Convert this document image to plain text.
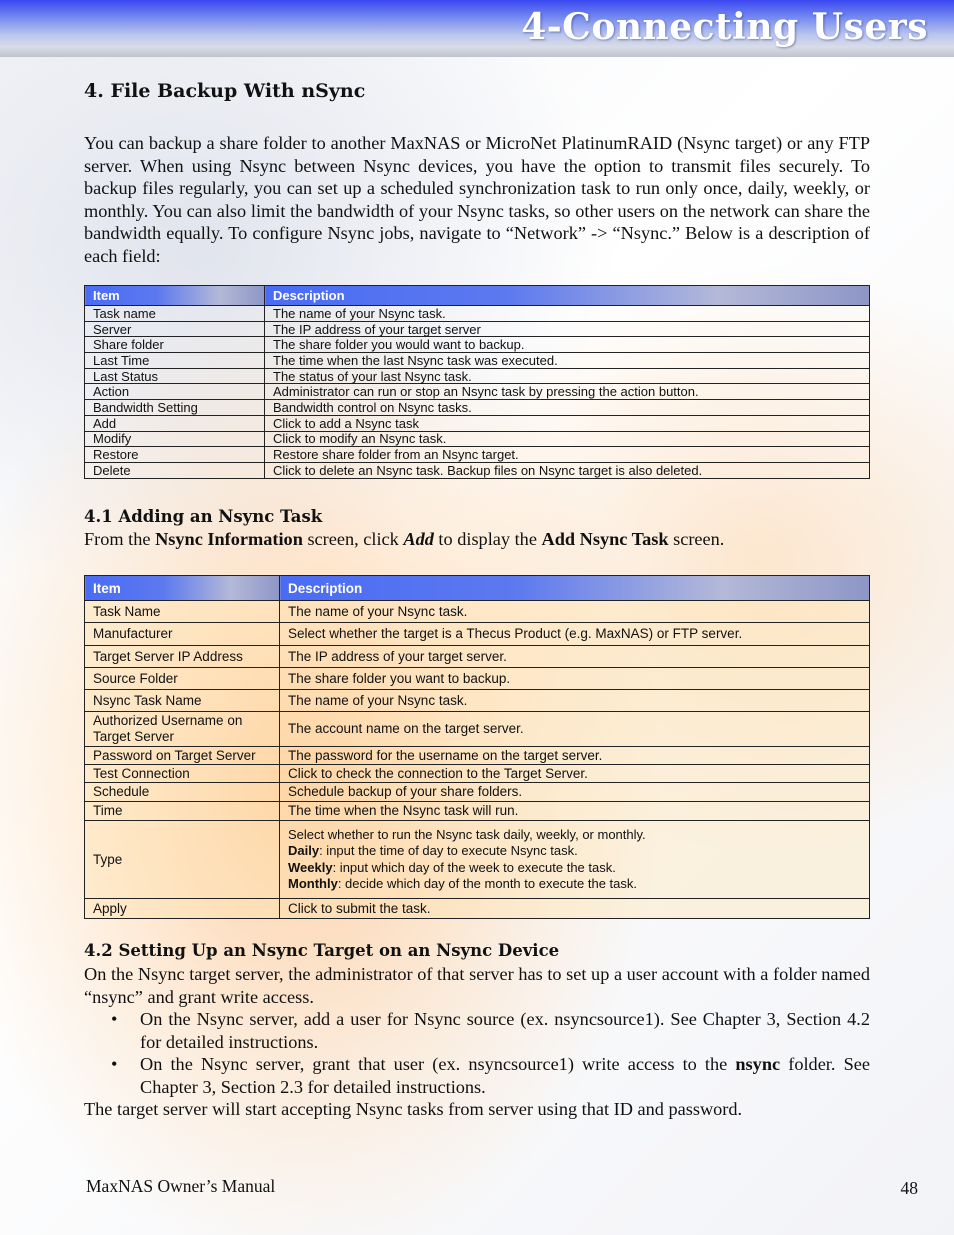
4-Connecting Users
4. File Backup With nSync

You can backup a share folder to another MaxNAS or MicroNet PlatinumRAID (Nsync target) or any FTP server. When using Nsync between Nsync devices, you have the option to transmit files securely. To backup files regularly, you can set up a scheduled synchronization task to run only once, daily, weekly, or monthly. You can also limit the bandwidth of your Nsync tasks, so other users on the network can share the bandwidth equally. To configure Nsync jobs, navigate to “Network” -> “Nsync.” Below is a description of each field:

Item	Description
Task name	The name of your Nsync task.
Server	The IP address of your target server
Share folder	The share folder you would want to backup.
Last Time	The time when the last Nsync task was executed.
Last Status	The status of your last Nsync task.
Action	Administrator can run or stop an Nsync task by pressing the action button.
Bandwidth Setting	Bandwidth control on Nsync tasks.
Add	Click to add a Nsync task
Modify	Click to modify an Nsync task.
Restore	Restore share folder from an Nsync target.
Delete	Click to delete an Nsync task. Backup files on Nsync target is also deleted.
4.1 Adding an Nsync Task

From the Nsync Information screen, click Add to display the Add Nsync Task screen.

Item	Description
Task Name	The name of your Nsync task.
Manufacturer	Select whether the target is a Thecus Product (e.g. MaxNAS) or FTP server.
Target Server IP Address	The IP address of your target server.
Source Folder	The share folder you want to backup.
Nsync Task Name	The name of your Nsync task.
Authorized Username on Target Server	The account name on the target server.
Password on Target Server	The password for the username on the target server.
Test Connection	Click to check the connection to the Target Server.
Schedule	Schedule backup of your share folders.
Time	The time when the Nsync task will run.
Type	Select whether to run the Nsync task daily, weekly, or monthly.
Daily: input the time of day to execute Nsync task.
Weekly: input which day of the week to execute the task.
Monthly: decide which day of the month to execute the task.

Apply	Click to submit the task.
4.2 Setting Up an Nsync Target on an Nsync Device

On the Nsync target server, the administrator of that server has to set up a user account with a folder named “nsync” and grant write access.

• On the Nsync server, add a user for Nsync source (ex. nsyncsource1). See Chapter 3, Section 4.2 for detailed instructions.

• On the Nsync server, grant that user (ex. nsyncsource1) write access to the nsync folder. See Chapter 3, Section 2.3 for detailed instructions.

The target server will start accepting Nsync tasks from server using that ID and password.

MaxNAS Owner’s Manual	48
